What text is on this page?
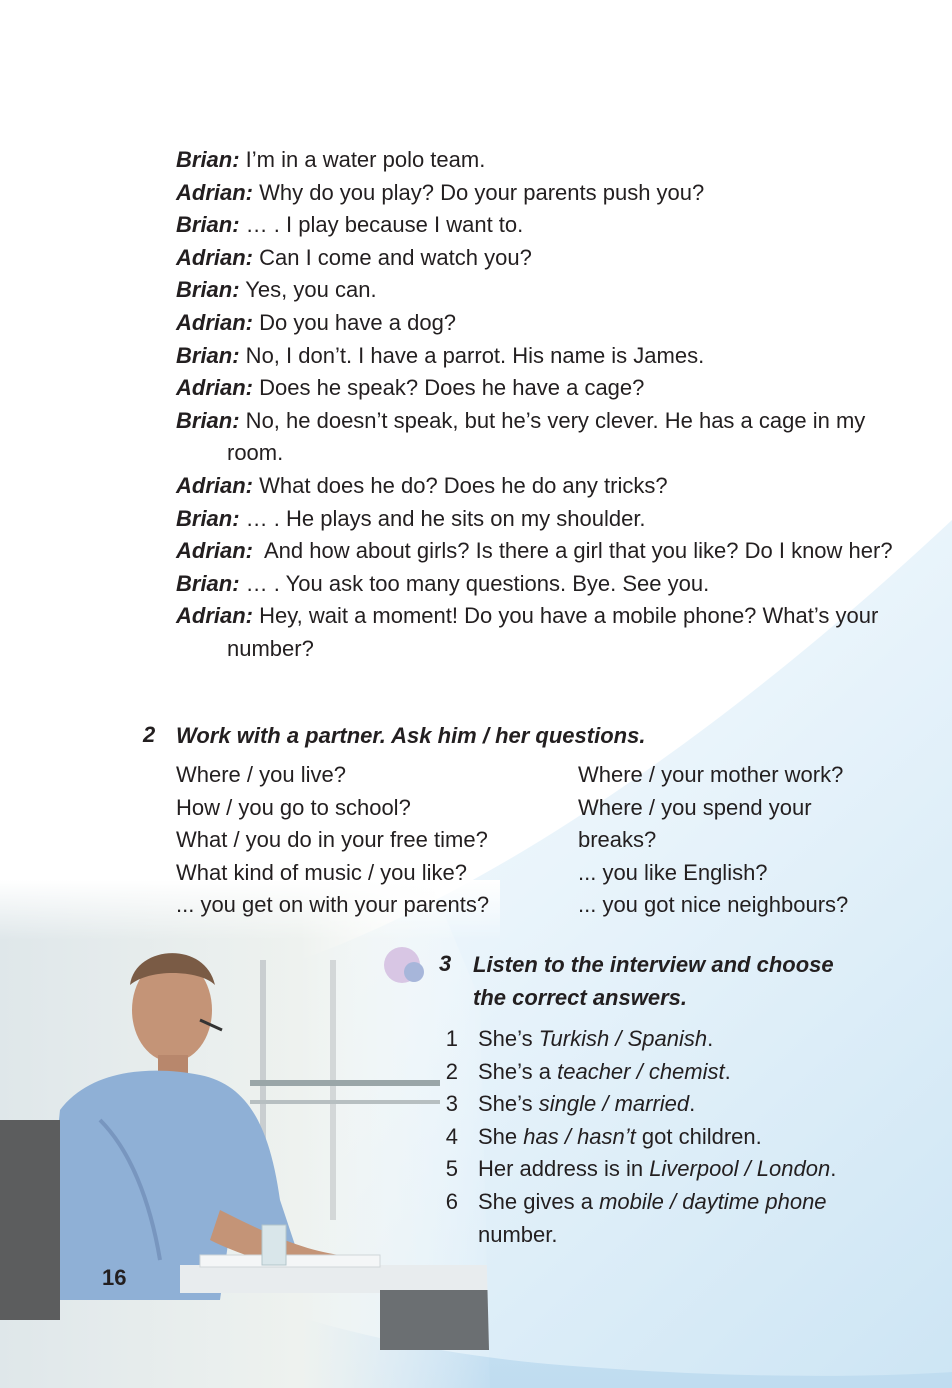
Brian: I’m in a water polo team.
Adrian: Why do you play? Do your parents push you?
Brian: … . I play because I want to.
Adrian: Can I come and watch you?
Brian: Yes, you can.
Adrian: Do you have a dog?
Brian: No, I don’t. I have a parrot. His name is James.
Adrian: Does he speak? Does he have a cage?
Brian: No, he doesn’t speak, but he’s very clever. He has a cage in my room.
Adrian: What does he do? Does he do any tricks?
Brian: … . He plays and he sits on my shoulder.
Adrian:  And how about girls? Is there a girl that you like? Do I know her?
Brian: … . You ask too many questions. Bye. See you.
Adrian: Hey, wait a moment! Do you have a mobile phone? What’s your number?
2 Work with a partner. Ask him / her questions.
Where / you live?
How / you go to school?
What / you do in your free time?
What kind of music / you like?
... you get on with your parents?
Where / your mother work?
Where / you spend your
breaks?
... you like English?
... you got nice neighbours?
3 Listen to the interview and choose
the correct answers.
1 She’s Turkish / Spanish.
2 She’s a teacher / chemist.
3 She’s single / married.
4 She has / hasn’t got children.
5 Her address is in Liverpool / London.
6 She gives a mobile / daytime phone number.
16
